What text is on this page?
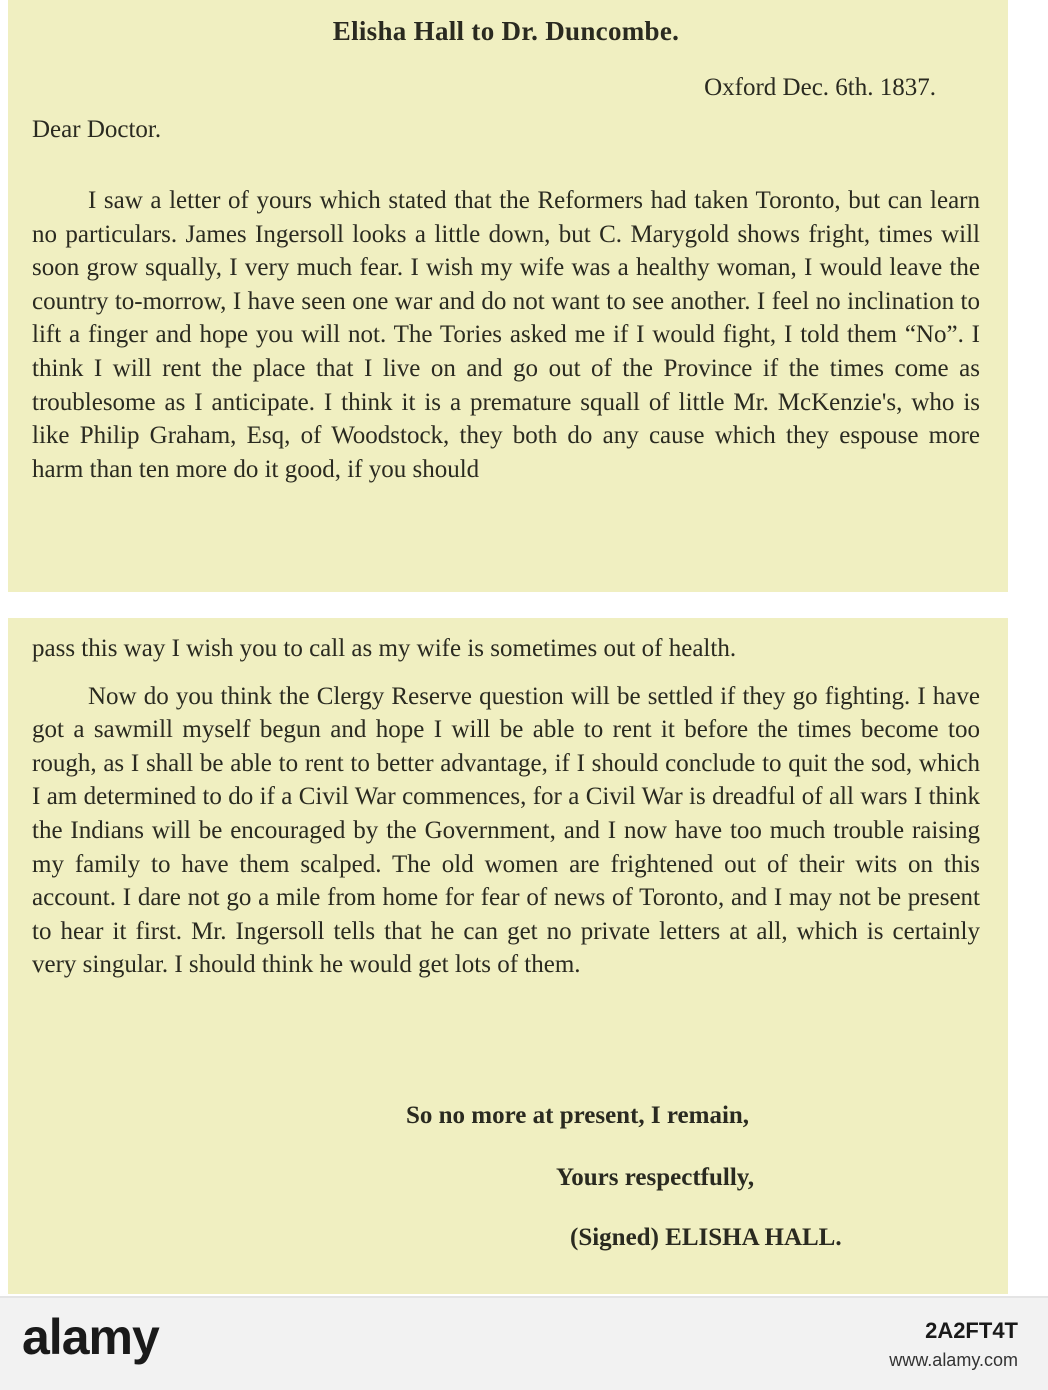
Elisha Hall to Dr. Duncombe.
Oxford Dec. 6th. 1837.
Dear Doctor.
I saw a letter of yours which stated that the Reformers had taken Toronto, but can learn no particulars. James Ingersoll looks a little down, but C. Marygold shows fright, times will soon grow squally, I very much fear. I wish my wife was a healthy woman, I would leave the country to-morrow, I have seen one war and do not want to see another. I feel no inclination to lift a finger and hope you will not. The Tories asked me if I would fight, I told them “No”. I think I will rent the place that I live on and go out of the Province if the times come as troublesome as I anticipate. I think it is a premature squall of little Mr. McKenzie's, who is like Philip Graham, Esq, of Woodstock, they both do any cause which they espouse more harm than ten more do it good, if you should
pass this way I wish you to call as my wife is sometimes out of health.
Now do you think the Clergy Reserve question will be settled if they go fighting. I have got a sawmill myself begun and hope I will be able to rent it before the times become too rough, as I shall be able to rent to better advantage, if I should conclude to quit the sod, which I am determined to do if a Civil War commences, for a Civil War is dreadful of all wars I think the Indians will be encouraged by the Government, and I now have too much trouble raising my family to have them scalped. The old women are frightened out of their wits on this account. I dare not go a mile from home for fear of news of Toronto, and I may not be present to hear it first. Mr. Ingersoll tells that he can get no private letters at all, which is certainly very singular. I should think he would get lots of them.
So no more at present, I remain,
Yours respectfully,
(Signed) ELISHA HALL.
alamy	2A2FT4T
www.alamy.com
